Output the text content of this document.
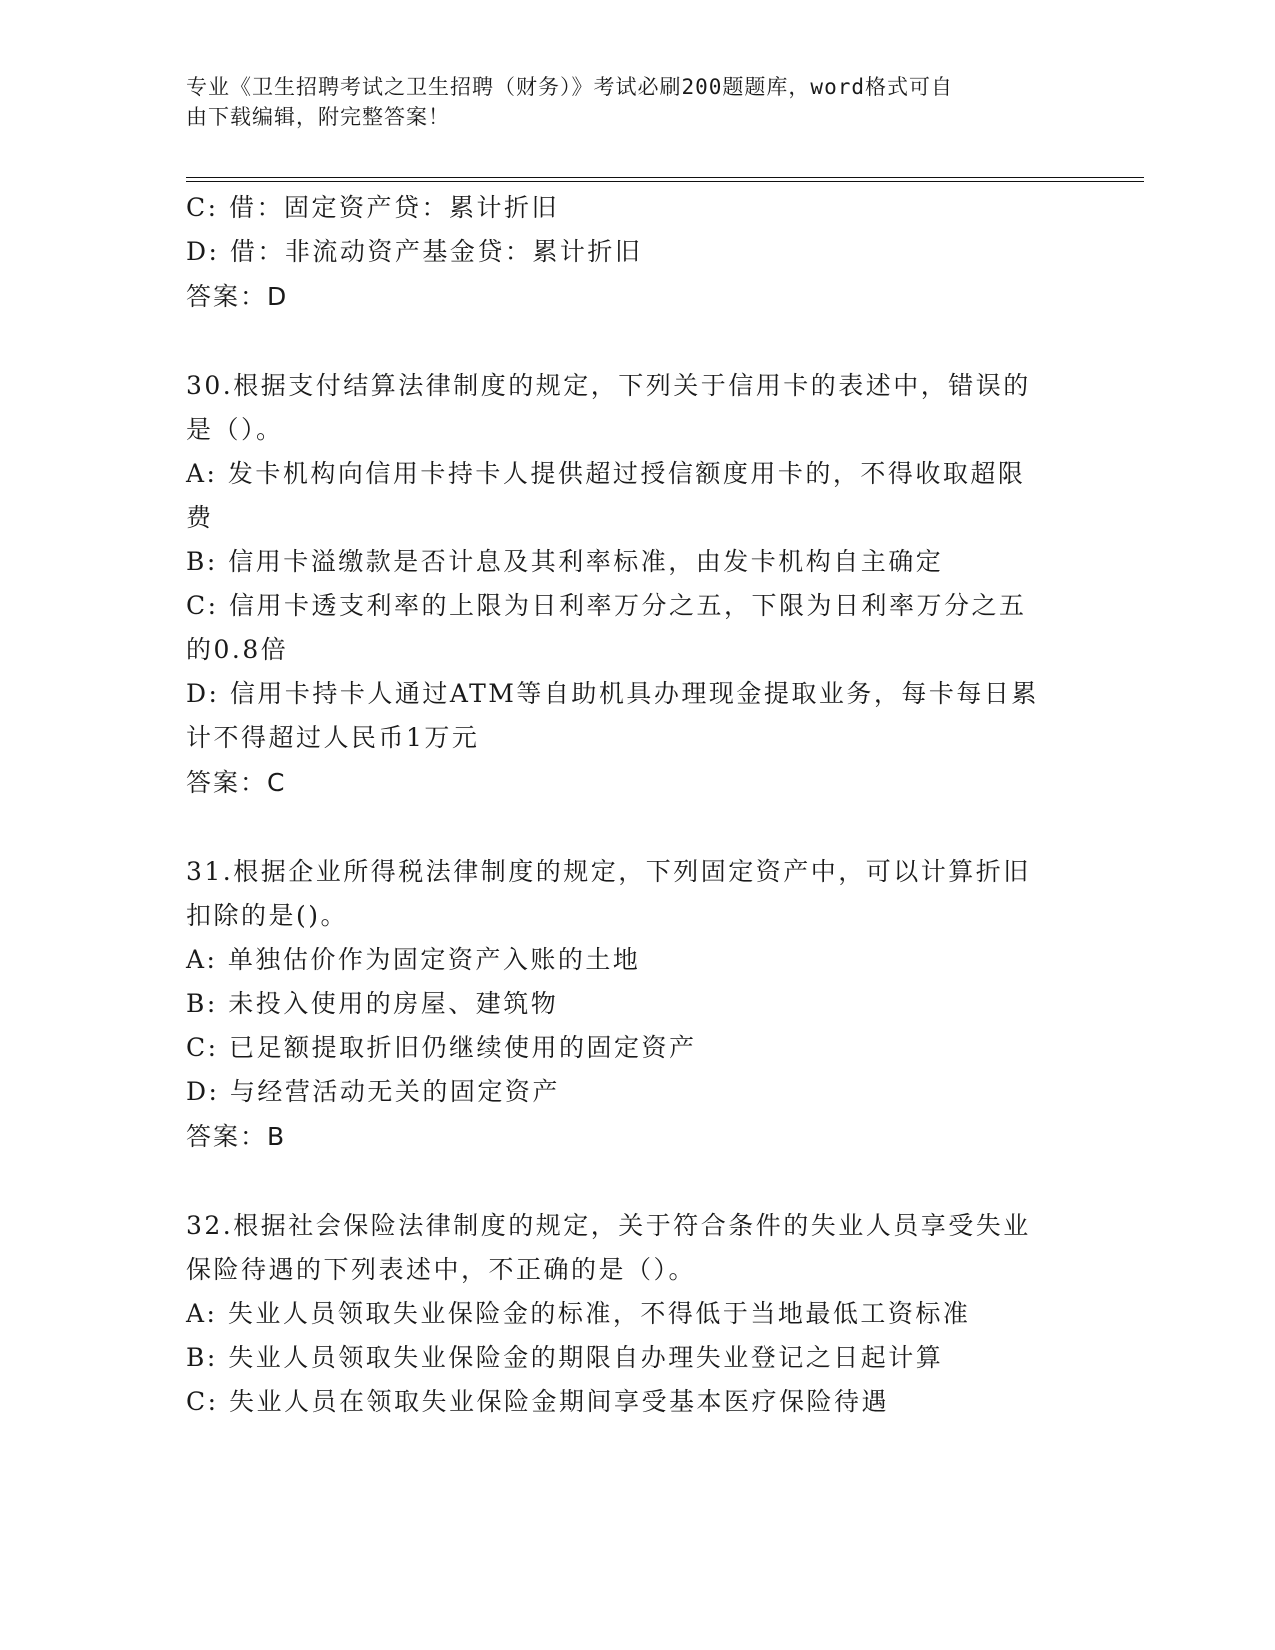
专业《卫生招聘考试之卫生招聘（财务）》考试必刷200题题库，word格式可自
由下载编辑，附完整答案！
C: 借：固定资产贷：累计折旧
D: 借：非流动资产基金贷：累计折旧
答案：D
30.根据支付结算法律制度的规定，下列关于信用卡的表述中，错误的
是（）。
A: 发卡机构向信用卡持卡人提供超过授信额度用卡的，不得收取超限
费
B: 信用卡溢缴款是否计息及其利率标准，由发卡机构自主确定
C: 信用卡透支利率的上限为日利率万分之五，下限为日利率万分之五
的0.8倍
D: 信用卡持卡人通过ATM等自助机具办理现金提取业务，每卡每日累
计不得超过人民币1万元
答案：C
31.根据企业所得税法律制度的规定，下列固定资产中，可以计算折旧
扣除的是()。
A: 单独估价作为固定资产入账的土地
B: 未投入使用的房屋、建筑物
C: 已足额提取折旧仍继续使用的固定资产
D: 与经营活动无关的固定资产
答案：B
32.根据社会保险法律制度的规定，关于符合条件的失业人员享受失业
保险待遇的下列表述中，不正确的是（）。
A: 失业人员领取失业保险金的标准，不得低于当地最低工资标准
B: 失业人员领取失业保险金的期限自办理失业登记之日起计算
C: 失业人员在领取失业保险金期间享受基本医疗保险待遇
